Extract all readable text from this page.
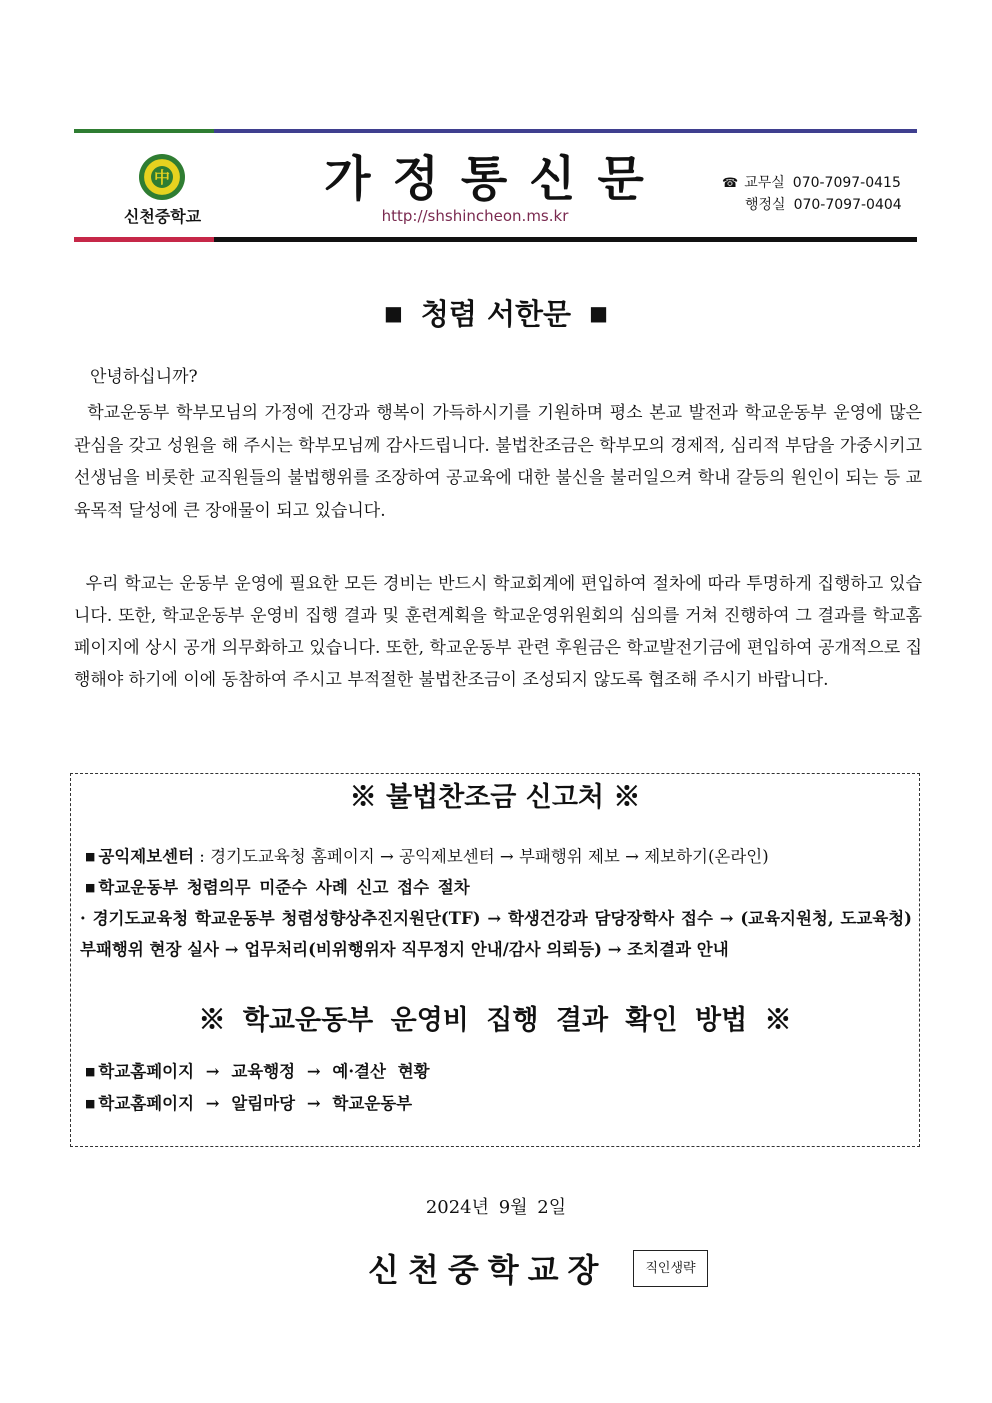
中
신천중학교
가정통신문
http://shshincheon.ms.kr
☎ 교무실 070-7097-0415
행정실 070-7097-0404
■ 청렴 서한문 ■
안녕하십니까?

학교운동부 학부모님의 가정에 건강과 행복이 가득하시기를 기원하며 평소 본교 발전과 학교운동부 운영에 많은 관심을 갖고 성원을 해 주시는 학부모님께 감사드립니다. 불법찬조금은 학부모의 경제적, 심리적 부담을 가중시키고 선생님을 비롯한 교직원들의 불법행위를 조장하여 공교육에 대한 불신을 불러일으켜 학내 갈등의 원인이 되는 등 교육목적 달성에 큰 장애물이 되고 있습니다.

우리 학교는 운동부 운영에 필요한 모든 경비는 반드시 학교회계에 편입하여 절차에 따라 투명하게 집행하고 있습니다. 또한, 학교운동부 운영비 집행 결과 및 훈련계획을 학교운영위원회의 심의를 거쳐 진행하여 그 결과를 학교홈페이지에 상시 공개 의무화하고 있습니다. 또한, 학교운동부 관련 후원금은 학교발전기금에 편입하여 공개적으로 집행해야 하기에 이에 동참하여 주시고 부적절한 불법찬조금이 조성되지 않도록 협조해 주시기 바랍니다.

※ 불법찬조금 신고처 ※
■ 공익제보센터 : 경기도교육청 홈페이지 → 공익제보센터 → 부패행위 제보 → 제보하기(온라인)
■ 학교운동부 청렴의무 미준수 사례 신고 접수 절차
· 경기도교육청 학교운동부 청렴성향상추진지원단(TF) → 학생건강과 담당장학사 접수 → (교육지원청, 도교육청) 부패행위 현장 실사 → 업무처리(비위행위자 직무정지 안내/감사 의뢰등) → 조치결과 안내
※ 학교운동부 운영비 집행 결과 확인 방법 ※
■ 학교홈페이지 → 교육행정 → 예·결산 현황
■ 학교홈페이지 → 알림마당 → 학교운동부
2024년 9월 2일
신천중학교장	직인생략
